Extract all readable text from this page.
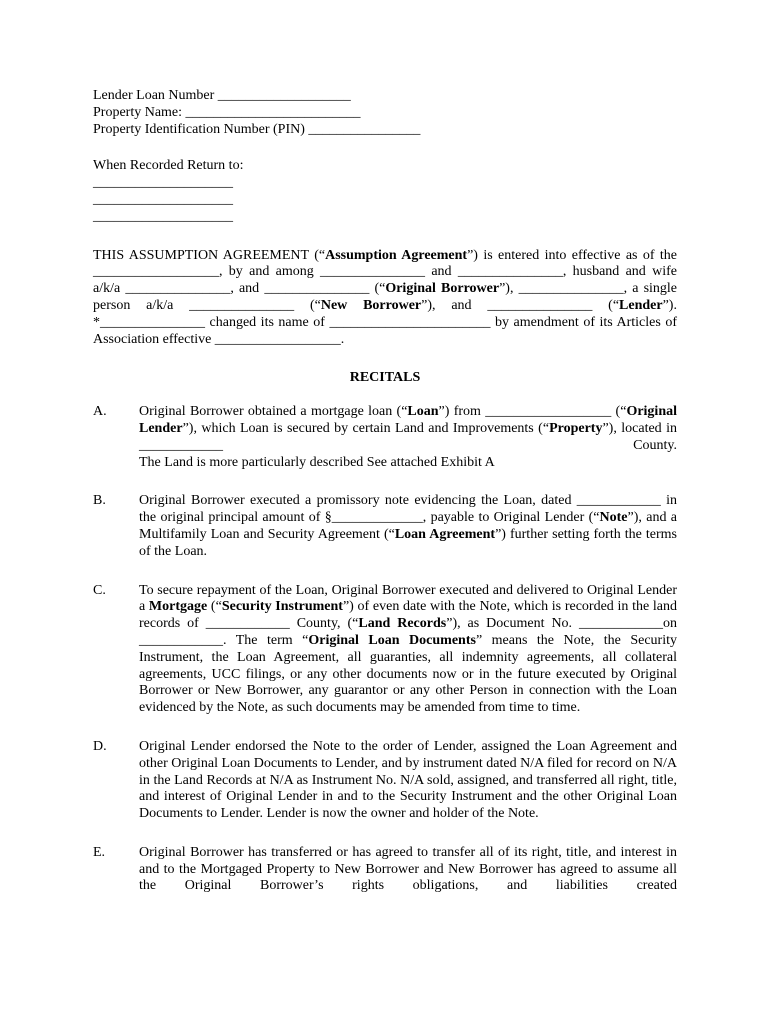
Lender Loan Number ___________________
Property Name: _________________________
Property Identification Number (PIN) ________________
When Recorded Return to:
____________________
____________________
____________________

THIS ASSUMPTION AGREEMENT (“Assumption Agreement”) is entered into effective as of the __________________, by and among _______________ and _______________, husband and wife a/k/a _______________, and _______________ (“Original Borrower”), _______________, a single person a/k/a _______________ (“New Borrower”), and _______________ (“Lender”). *_______________ changed its name of _______________________ by amendment of its Articles of Association effective __________________.

RECITALS

A.	Original Borrower obtained a mortgage loan (“Loan”) from __________________ (“Original Lender”), which Loan is secured by certain Land and Improvements (“Property”), located in ____________ County.
The Land is more particularly described See attached Exhibit A
B.	Original Borrower executed a promissory note evidencing the Loan, dated ____________ in the original principal amount of §_____________, payable to Original Lender (“Note”), and a Multifamily Loan and Security Agreement (“Loan Agreement”) further setting forth the terms of the Loan.
C.	To secure repayment of the Loan, Original Borrower executed and delivered to Original Lender a Mortgage (“Security Instrument”) of even date with the Note, which is recorded in the land records of ____________ County, (“Land Records”), as Document No. ____________on ____________. The term “Original Loan Documents” means the Note, the Security Instrument, the Loan Agreement, all guaranties, all indemnity agreements, all collateral agreements, UCC filings, or any other documents now or in the future executed by Original Borrower or New Borrower, any guarantor or any other Person in connection with the Loan evidenced by the Note, as such documents may be amended from time to time.
D.	Original Lender endorsed the Note to the order of Lender, assigned the Loan Agreement and other Original Loan Documents to Lender, and by instrument dated N/A filed for record on N/A in the Land Records at N/A as Instrument No. N/A sold, assigned, and transferred all right, title, and interest of Original Lender in and to the Security Instrument and the other Original Loan Documents to Lender. Lender is now the owner and holder of the Note.
E.	Original Borrower has transferred or has agreed to transfer all of its right, title, and interest in and to the Mortgaged Property to New Borrower and New Borrower has agreed to assume all the Original Borrower’s rights obligations, and liabilities created
